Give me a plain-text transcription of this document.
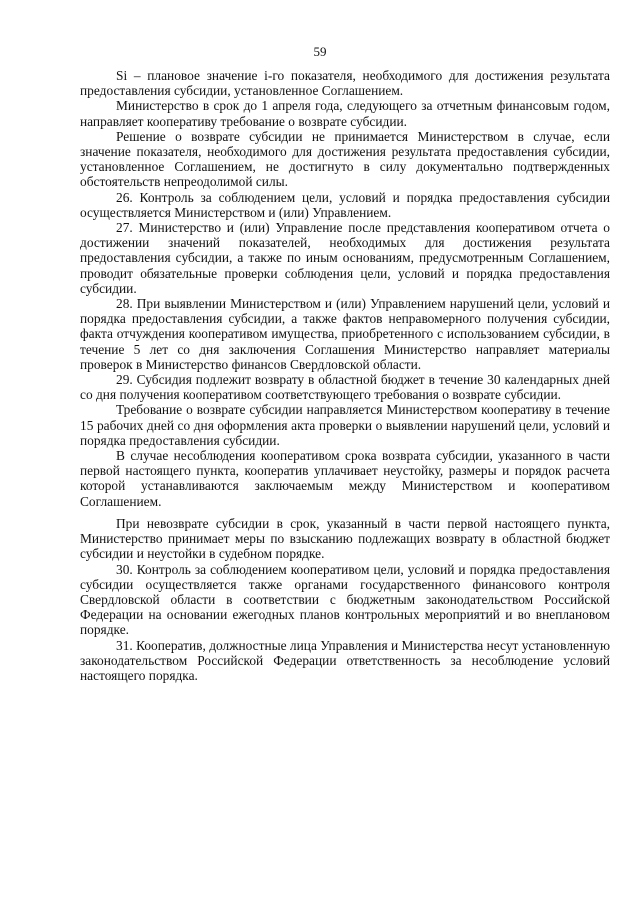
59

Si – плановое значение i-го показателя, необходимого для достижения результата предоставления субсидии, установленное Соглашением.

Министерство в срок до 1 апреля года, следующего за отчетным финансовым годом, направляет кооперативу требование о возврате субсидии.

Решение о возврате субсидии не принимается Министерством в случае, если значение показателя, необходимого для достижения результата предоставления субсидии, установленное Соглашением, не достигнуто в силу документально подтвержденных обстоятельств непреодолимой силы.

26. Контроль за соблюдением цели, условий и порядка предоставления субсидии осуществляется Министерством и (или) Управлением.

27. Министерство и (или) Управление после представления кооперативом отчета о достижении значений показателей, необходимых для достижения результата предоставления субсидии, а также по иным основаниям, предусмотренным Соглашением, проводит обязательные проверки соблюдения цели, условий и порядка предоставления субсидии.

28. При выявлении Министерством и (или) Управлением нарушений цели, условий и порядка предоставления субсидии, а также фактов неправомерного получения субсидии, факта отчуждения кооперативом имущества, приобретенного с использованием субсидии, в течение 5 лет со дня заключения Соглашения Министерство направляет материалы проверок в Министерство финансов Свердловской области.

29. Субсидия подлежит возврату в областной бюджет в течение 30 календарных дней со дня получения кооперативом соответствующего требования о возврате субсидии.

Требование о возврате субсидии направляется Министерством кооперативу в течение 15 рабочих дней со дня оформления акта проверки о выявлении нарушений цели, условий и порядка предоставления субсидии.

В случае несоблюдения кооперативом срока возврата субсидии, указанного в части первой настоящего пункта, кооператив уплачивает неустойку, размеры и порядок расчета которой устанавливаются заключаемым между Министерством и кооперативом Соглашением.

При невозврате субсидии в срок, указанный в части первой настоящего пункта, Министерство принимает меры по взысканию подлежащих возврату в областной бюджет субсидии и неустойки в судебном порядке.

30. Контроль за соблюдением кооперативом цели, условий и порядка предоставления субсидии осуществляется также органами государственного финансового контроля Свердловской области в соответствии с бюджетным законодательством Российской Федерации на основании ежегодных планов контрольных мероприятий и во внеплановом порядке.

31. Кооператив, должностные лица Управления и Министерства несут установленную законодательством Российской Федерации ответственность за несоблюдение условий настоящего порядка.
